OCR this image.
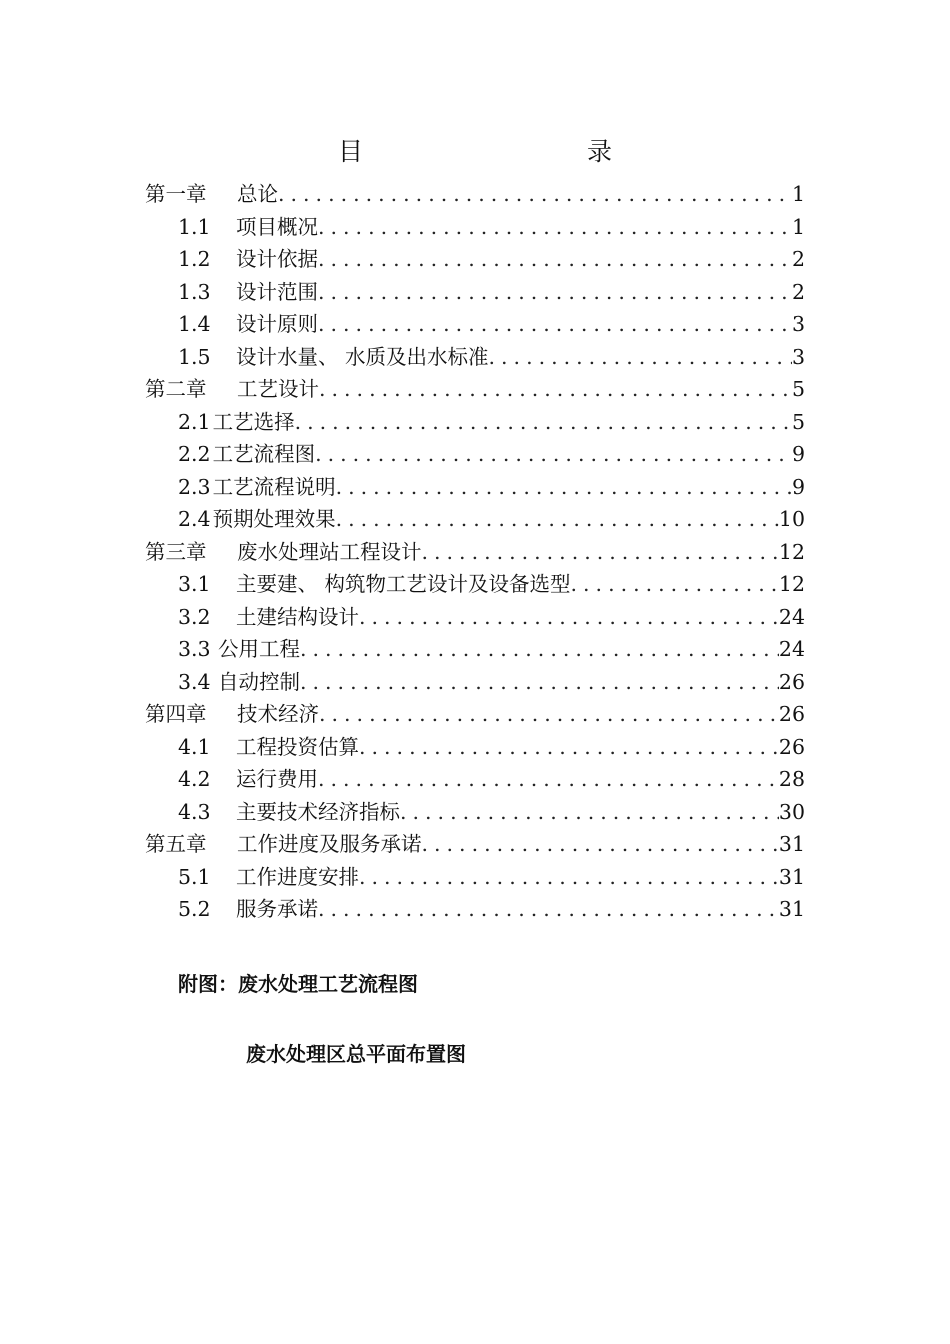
目　　录
第一章	总论 .....	1
1.1	项目概况 .....	1
1.2	设计依据 .....	2
1.3	设计范围 .....	2
1.4	设计原则 .....	3
1.5	设计水量、 水质及出水标准 .....	3
第二章	工艺设计 .....	5
2.1 工艺选择 .....	5
2.2 工艺流程图 .....	9
2.3 工艺流程说明 .....	9
2.4 预期处理效果 .....	10
第三章	废水处理站工程设计 .....	12
3.1	主要建、 构筑物工艺设计及设备选型 .....	12
3.2	土建结构设计 .....	24
3.3 公用工程 .....	24
3.4 自动控制 .....	26
第四章	技术经济 .....	26
4.1	工程投资估算 .....	26
4.2	运行费用 .....	28
4.3	主要技术经济指标 .....	30
第五章	工作进度及服务承诺 .....	31
5.1	工作进度安排 .....	31
5.2	服务承诺 .....	31
附图：废水处理工艺流程图
废水处理区总平面布置图
